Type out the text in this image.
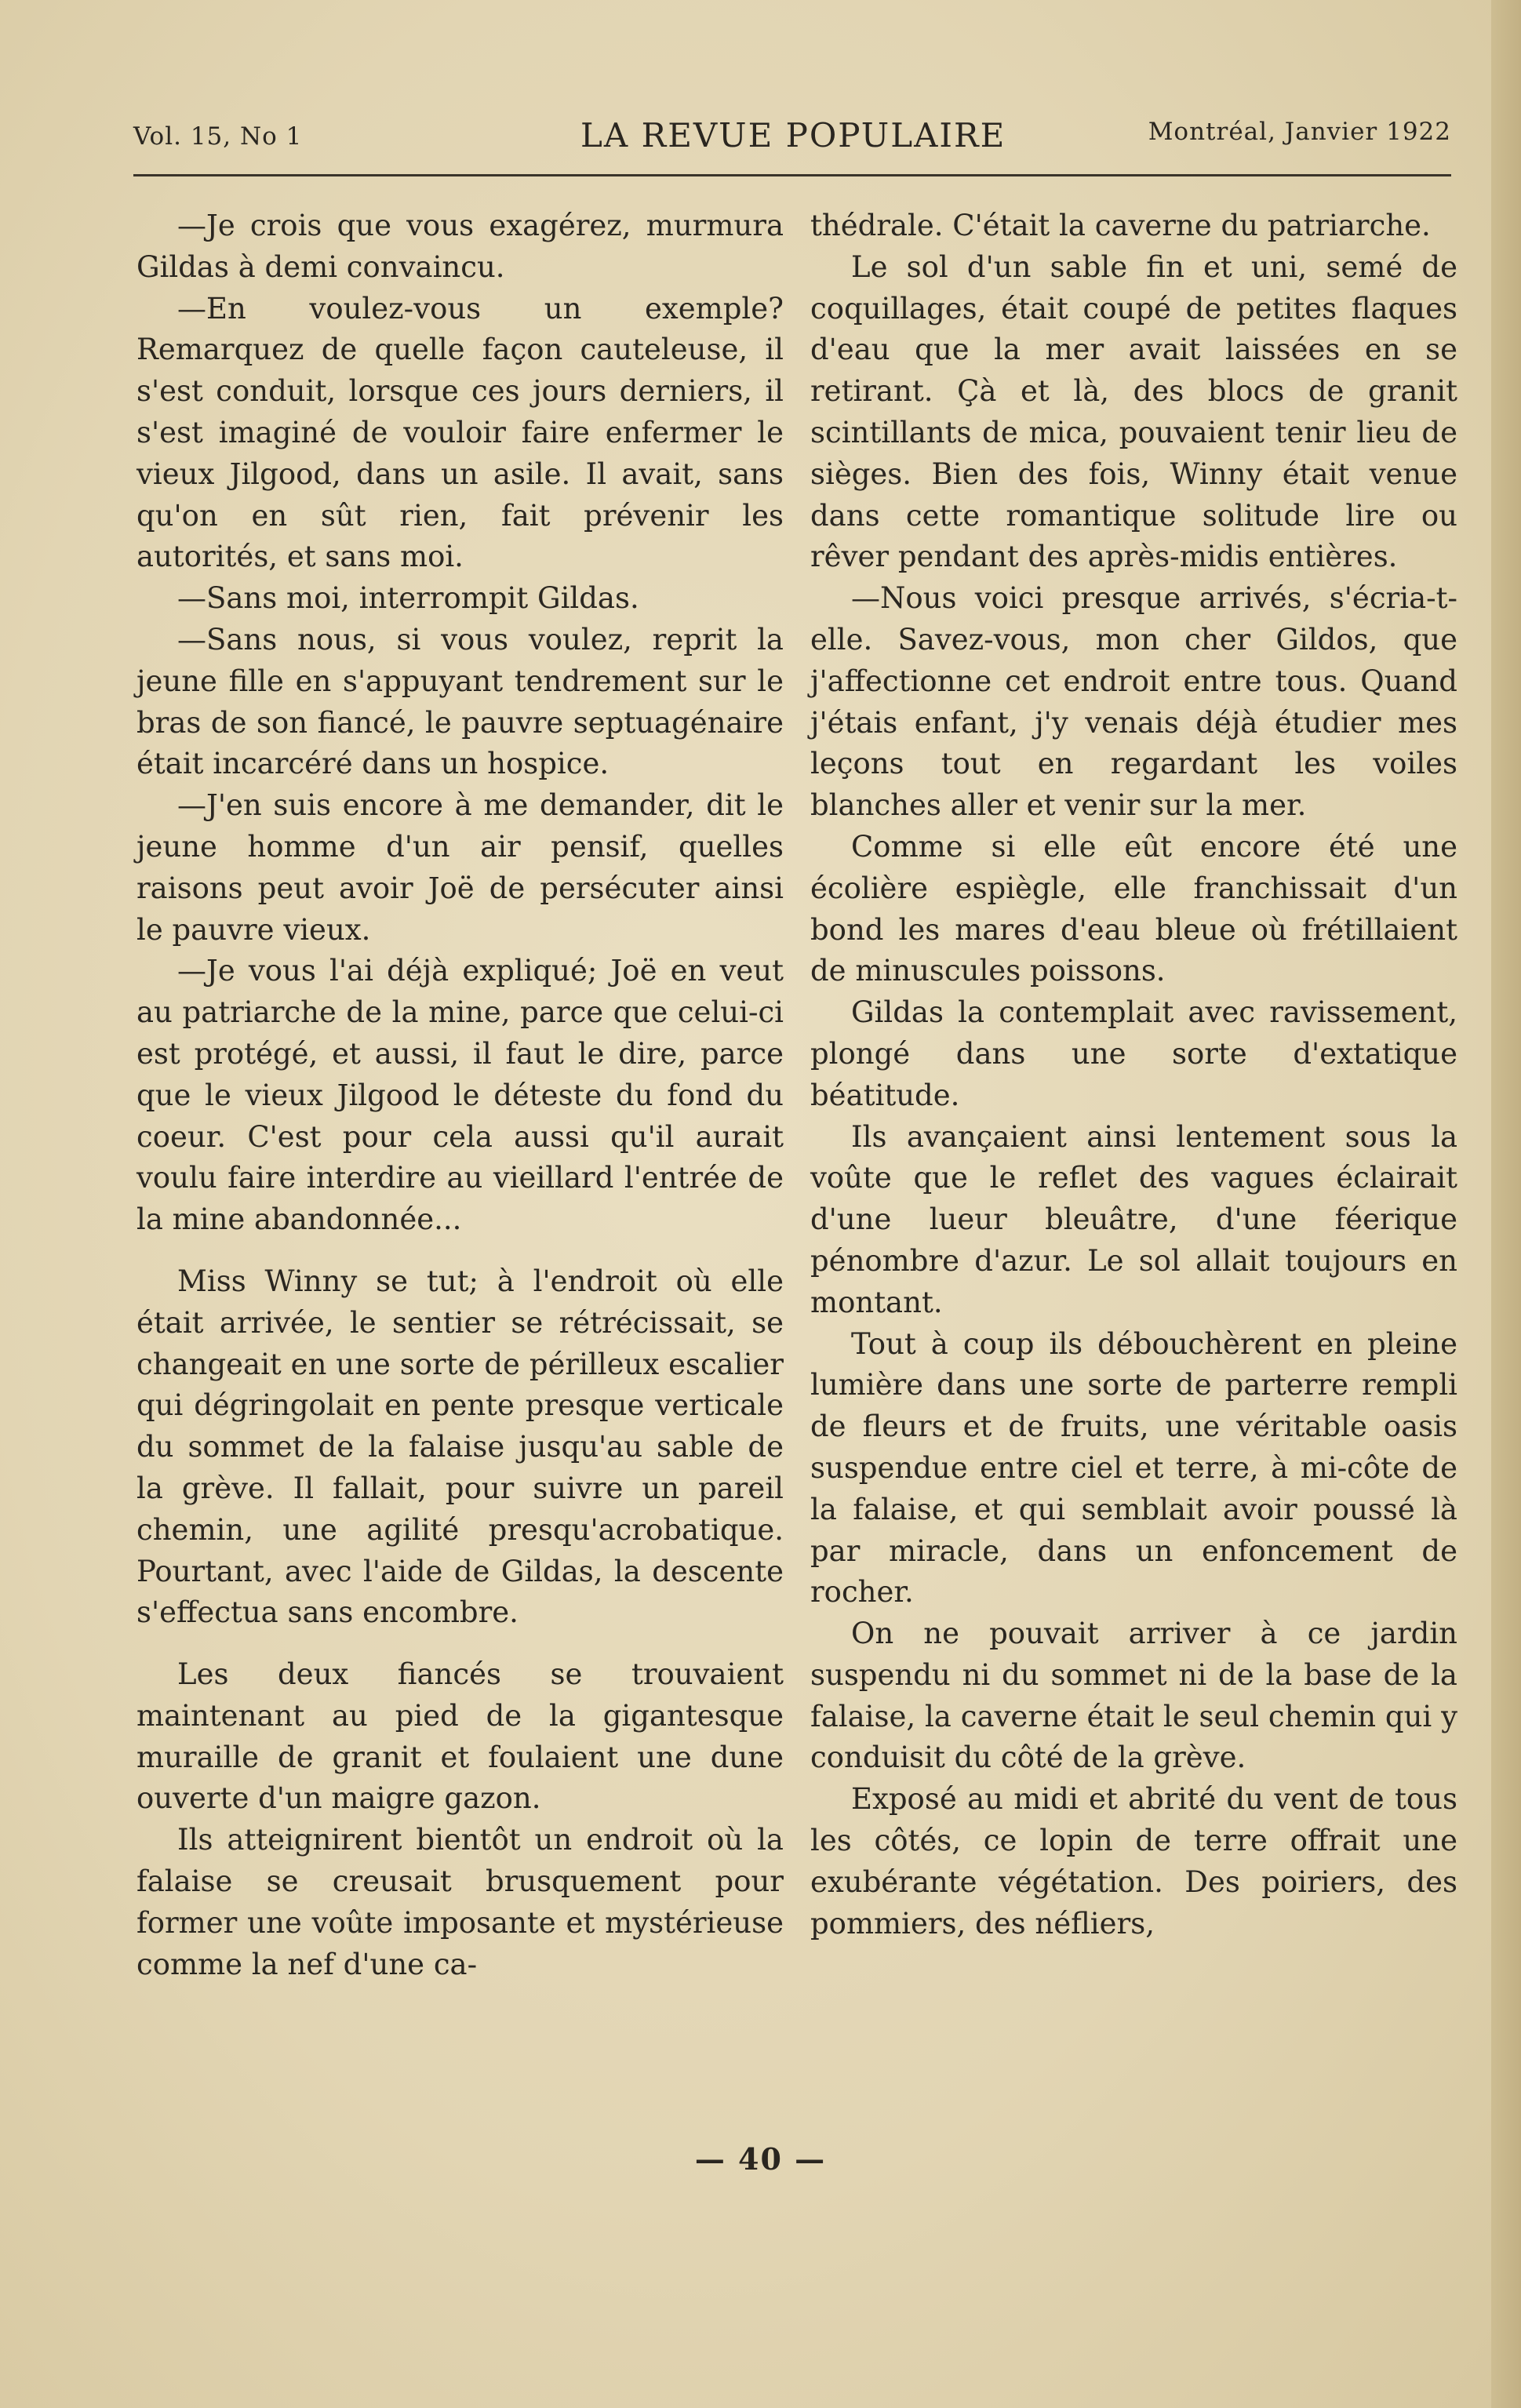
Vol. 15, No 1	LA REVUE POPULAIRE	Montréal, Janvier 1922

—Je crois que vous exagérez, murmura Gildas à demi convaincu.

—En voulez-vous un exemple? Remarquez de quelle façon cauteleuse, il s'est conduit, lorsque ces jours derniers, il s'est imaginé de vouloir faire enfermer le vieux Jilgood, dans un asile. Il avait, sans qu'on en sût rien, fait prévenir les autorités, et sans moi.

—Sans moi, interrompit Gildas.

—Sans nous, si vous voulez, reprit la jeune fille en s'appuyant tendrement sur le bras de son fiancé, le pauvre septuagénaire était incarcéré dans un hospice.

—J'en suis encore à me demander, dit le jeune homme d'un air pensif, quelles raisons peut avoir Joë de persécuter ainsi le pauvre vieux.

—Je vous l'ai déjà expliqué; Joë en veut au patriarche de la mine, parce que celui-ci est protégé, et aussi, il faut le dire, parce que le vieux Jilgood le déteste du fond du coeur. C'est pour cela aussi qu'il aurait voulu faire interdire au vieillard l'entrée de la mine abandonnée...

Miss Winny se tut; à l'endroit où elle était arrivée, le sentier se rétrécissait, se changeait en une sorte de périlleux escalier qui dégringolait en pente presque verticale du sommet de la falaise jusqu'au sable de la grève. Il fallait, pour suivre un pareil chemin, une agilité presqu'acrobatique. Pourtant, avec l'aide de Gildas, la descente s'effectua sans encombre.

Les deux fiancés se trouvaient maintenant au pied de la gigantesque muraille de granit et foulaient une dune ouverte d'un maigre gazon.

Ils atteignirent bientôt un endroit où la falaise se creusait brusquement pour former une voûte imposante et mystérieuse comme la nef d'une ca-

thédrale. C'était la caverne du patriarche.

Le sol d'un sable fin et uni, semé de coquillages, était coupé de petites flaques d'eau que la mer avait laissées en se retirant. Çà et là, des blocs de granit scintillants de mica, pouvaient tenir lieu de sièges. Bien des fois, Winny était venue dans cette romantique solitude lire ou rêver pendant des après-midis entières.

—Nous voici presque arrivés, s'écria-t-elle. Savez-vous, mon cher Gildos, que j'affectionne cet endroit entre tous. Quand j'étais enfant, j'y venais déjà étudier mes leçons tout en regardant les voiles blanches aller et venir sur la mer.

Comme si elle eût encore été une écolière espiègle, elle franchissait d'un bond les mares d'eau bleue où frétillaient de minuscules poissons.

Gildas la contemplait avec ravissement, plongé dans une sorte d'extatique béatitude.

Ils avançaient ainsi lentement sous la voûte que le reflet des vagues éclairait d'une lueur bleuâtre, d'une féerique pénombre d'azur. Le sol allait toujours en montant.

Tout à coup ils débouchèrent en pleine lumière dans une sorte de parterre rempli de fleurs et de fruits, une véritable oasis suspendue entre ciel et terre, à mi-côte de la falaise, et qui semblait avoir poussé là par miracle, dans un enfoncement de rocher.

On ne pouvait arriver à ce jardin suspendu ni du sommet ni de la base de la falaise, la caverne était le seul chemin qui y conduisit du côté de la grève.

Exposé au midi et abrité du vent de tous les côtés, ce lopin de terre offrait une exubérante végétation. Des poiriers, des pommiers, des néfliers,

— 40 —
